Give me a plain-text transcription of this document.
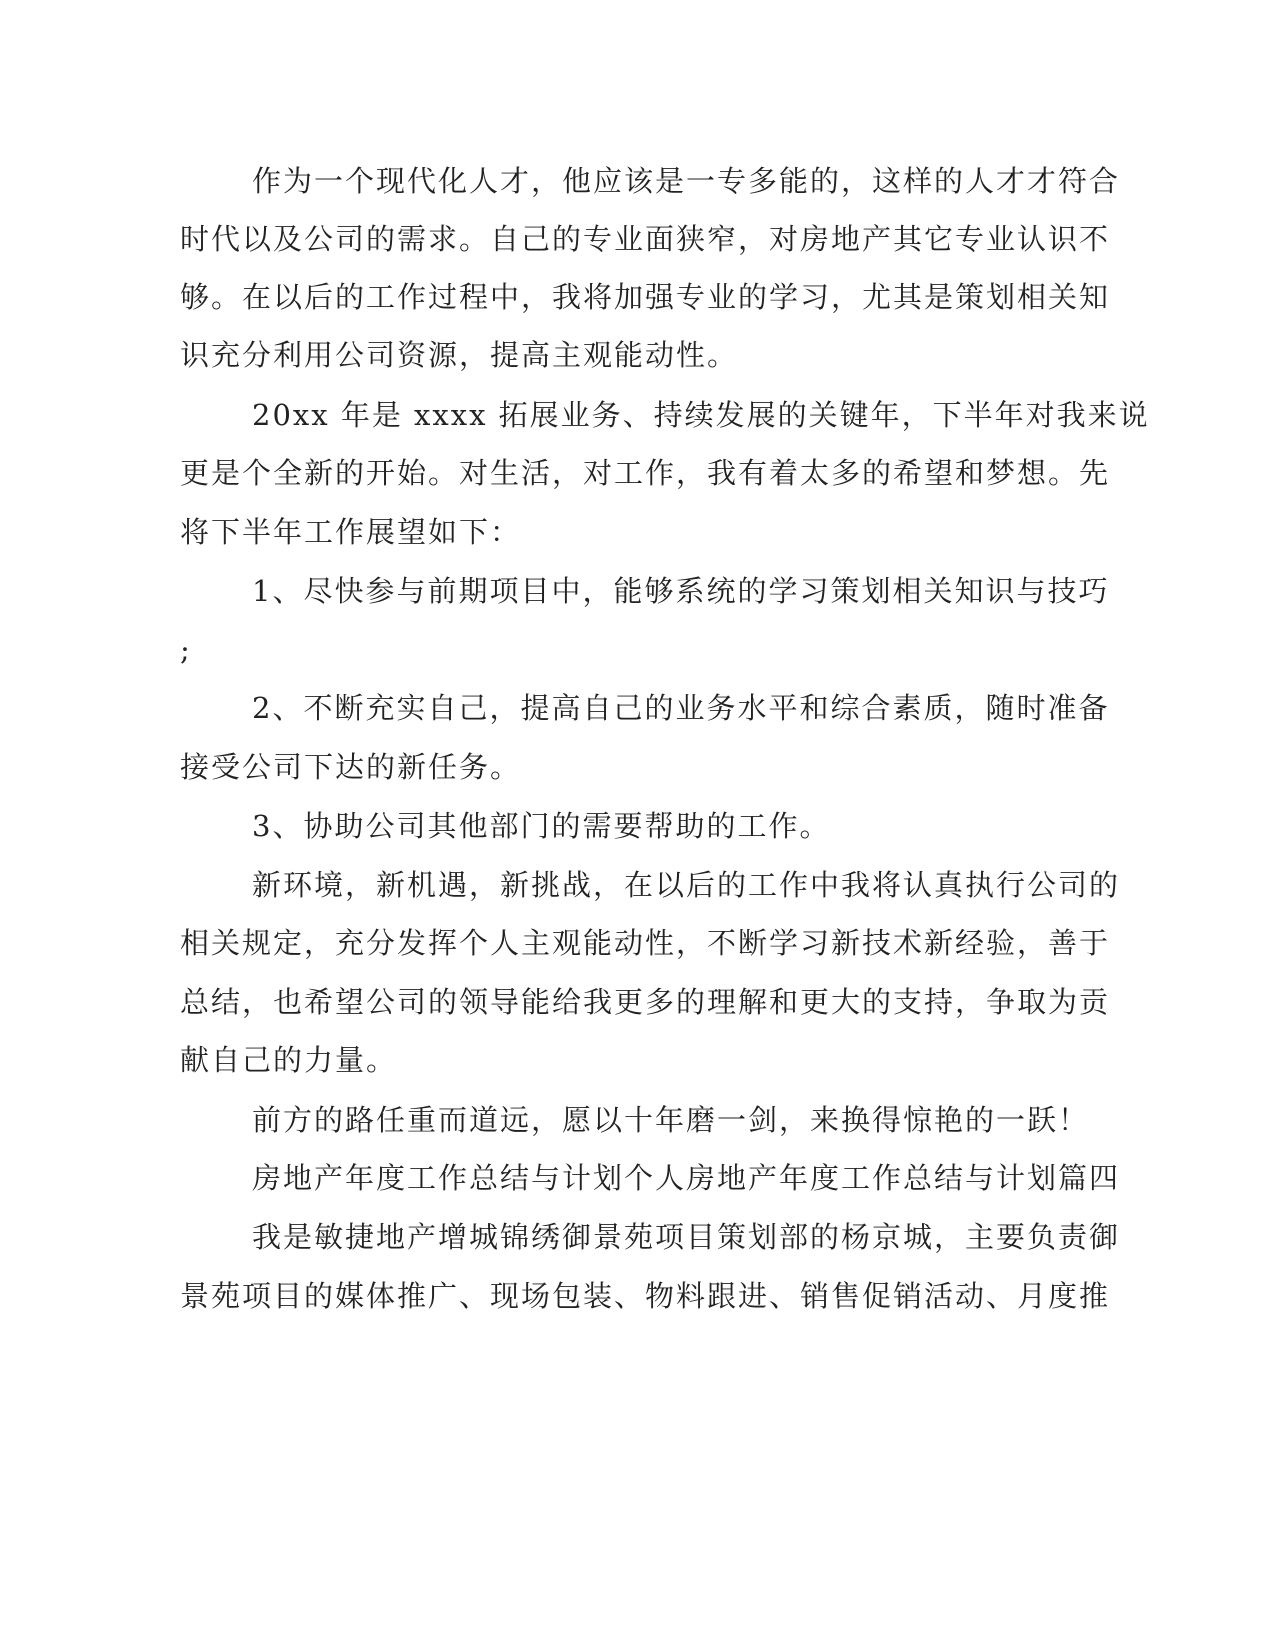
作为一个现代化人才，他应该是一专多能的，这样的人才才符合
时代以及公司的需求。自己的专业面狭窄，对房地产其它专业认识不
够。在以后的工作过程中，我将加强专业的学习，尤其是策划相关知
识充分利用公司资源，提高主观能动性。
20xx 年是 xxxx 拓展业务、持续发展的关键年，下半年对我来说
更是个全新的开始。对生活，对工作，我有着太多的希望和梦想。先
将下半年工作展望如下：
1、尽快参与前期项目中，能够系统的学习策划相关知识与技巧
;
2、不断充实自己，提高自己的业务水平和综合素质，随时准备
接受公司下达的新任务。
3、协助公司其他部门的需要帮助的工作。
新环境，新机遇，新挑战，在以后的工作中我将认真执行公司的
相关规定，充分发挥个人主观能动性，不断学习新技术新经验，善于
总结，也希望公司的领导能给我更多的理解和更大的支持，争取为贡
献自己的力量。
前方的路任重而道远，愿以十年磨一剑，来换得惊艳的一跃！
房地产年度工作总结与计划个人房地产年度工作总结与计划篇四
我是敏捷地产增城锦绣御景苑项目策划部的杨京城，主要负责御
景苑项目的媒体推广、现场包装、物料跟进、销售促销活动、月度推
